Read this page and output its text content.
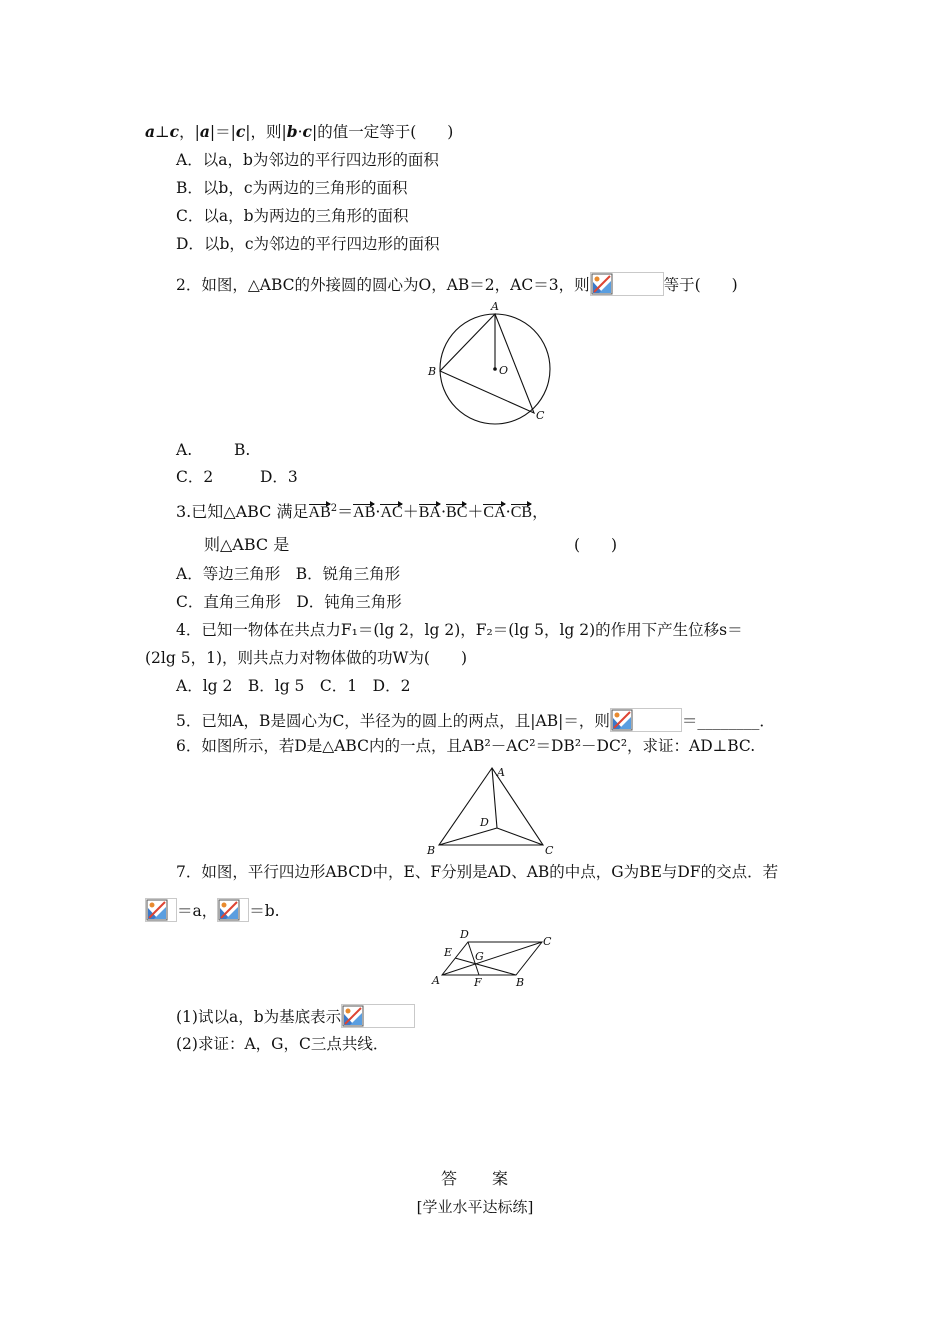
a⊥c，|a|＝|c|，则|b·c|的值一定等于(　　)
A．以a，b为邻边的平行四边形的面积
B．以b，c为两边的三角形的面积
C．以a，b为两边的三角形的面积
D．以b，c为邻边的平行四边形的面积
2．如图，△ABC的外接圆的圆心为O，AB＝2，AC＝3，则	等于(　　)
A
B
C
O
A.	B.
C．2	D．3
3.已知△ABC 满足$AB^2=AB\cdot AC+BA\cdot BC+CA\cdot CB$，
则△ABC 是	(　　)
A．等边三角形　B．锐角三角形
C．直角三角形　D．钝角三角形
4．已知一物体在共点力F₁＝(lg 2，lg 2)，F₂＝(lg 5，lg 2)的作用下产生位移s＝
(2lg 5，1)，则共点力对物体做的功W为(　　)
A．lg 2　B．lg 5　C．1　D．2
5．已知A，B是圆心为C，半径为的圆上的两点，且|AB|＝，则	＝________．
6．如图所示，若D是△ABC内的一点，且AB²－AC²＝DB²－DC²，求证：AD⊥BC.
A
B	C
D
7．如图，平行四边形ABCD中，E、F分别是AD、AB的中点，G为BE与DF的交点．若
＝a， ＝b.
A	B
C
D
E
F
G
(1)试以a，b为基底表示
(2)求证：A，G，C三点共线．
答　　案
[学业水平达标练]
